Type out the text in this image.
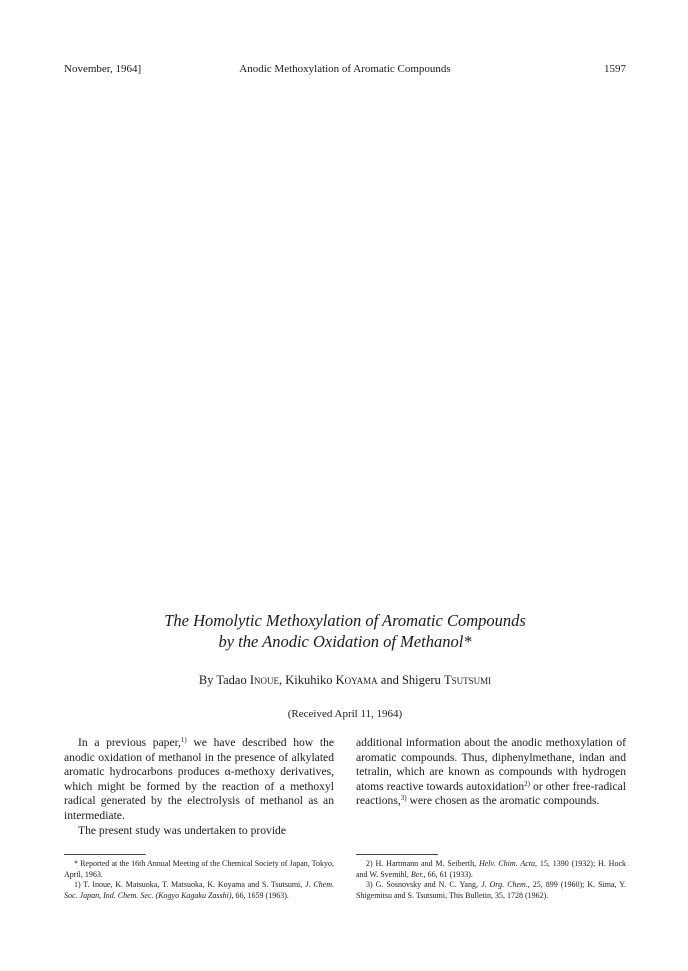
November, 1964]	Anodic Methoxylation of Aromatic Compounds	1597
The Homolytic Methoxylation of Aromatic Compounds
by the Anodic Oxidation of Methanol*
By Tadao Inoue, Kikuhiko Koyama and Shigeru Tsutsumi
(Received April 11, 1964)

In a previous paper,$^{1)}$ we have described how the anodic oxidation of methanol in the presence of alkylated aromatic hydrocarbons produces α-methoxy derivatives, which might be formed by the reaction of a methoxyl radical generated by the electrolysis of methanol as an intermediate.

The present study was undertaken to provide

additional information about the anodic methoxylation of aromatic compounds. Thus, diphenylmethane, indan and tetralin, which are known as compounds with hydrogen atoms reactive towards autoxidation$^{2)}$ or other free-radical reactions,$^{3)}$ were chosen as the aromatic compounds.

* Reported at the 16th Annual Meeting of the Chemical Society of Japan, Tokyo, April, 1963.

1) T. Inoue, K. Matsuoka, T. Matsuoka, K. Koyama and S. Tsutsumi, J. Chem. Soc. Japan, Ind. Chem. Sec. (Kogyo Kagaku Zasshi), 66, 1659 (1963).

2) H. Hartmann and M. Seiberth, Helv. Chim. Acta, 15, 1390 (1932); H. Hock and W. Svemihl, Ber., 66, 61 (1933).

3) G. Sosnovsky and N. C. Yang, J. Org. Chem., 25, 899 (1960); K. Sima, Y. Shigemitsu and S. Tsutsumi, This Bulletin, 35, 1728 (1962).
